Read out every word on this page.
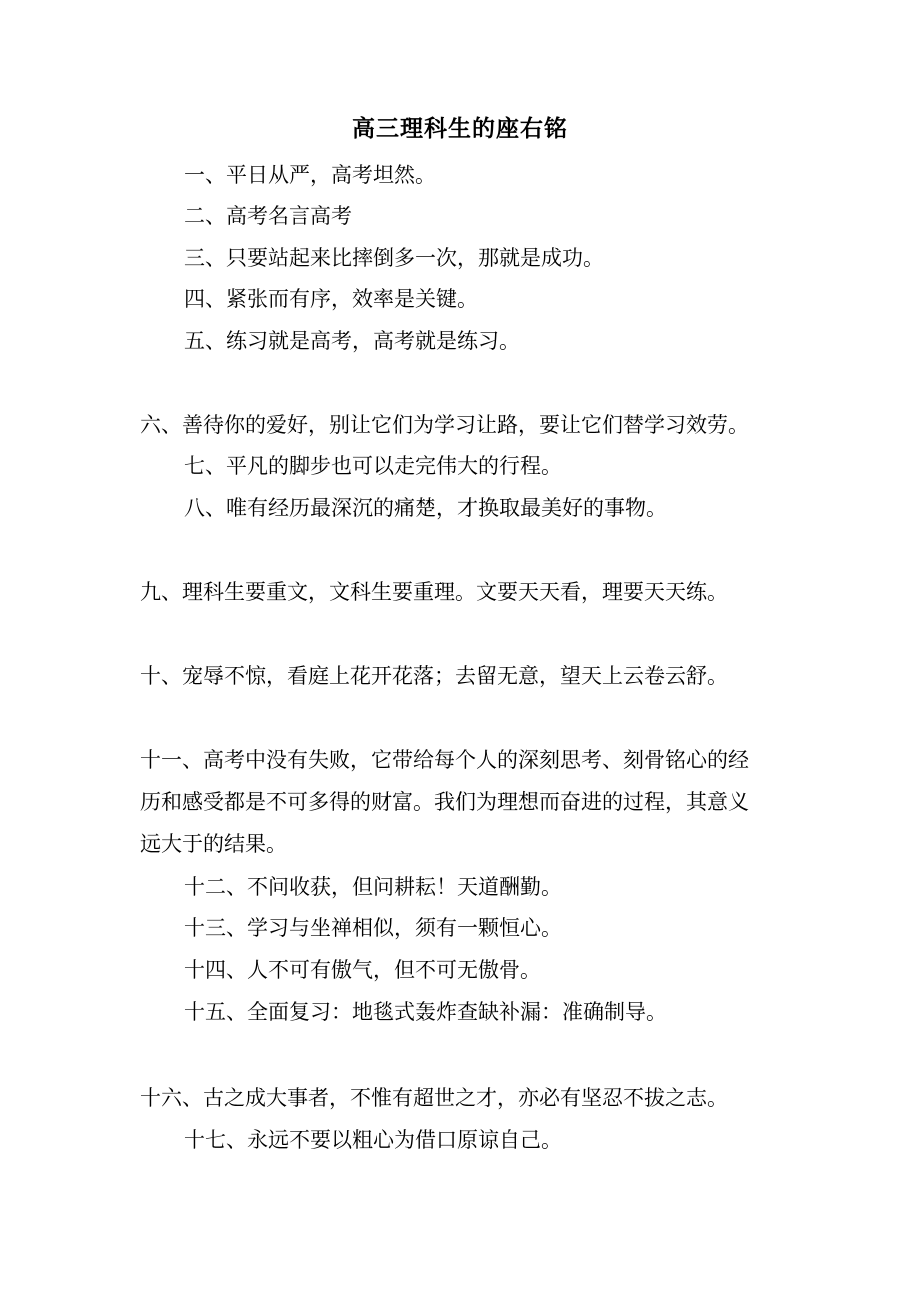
高三理科生的座右铭
一、平日从严，高考坦然。
二、高考名言高考
三、只要站起来比摔倒多一次，那就是成功。
四、紧张而有序，效率是关键。
五、练习就是高考，高考就是练习。
六、善待你的爱好，别让它们为学习让路，要让它们替学习效劳。
七、平凡的脚步也可以走完伟大的行程。
八、唯有经历最深沉的痛楚，才换取最美好的事物。
九、理科生要重文，文科生要重理。文要天天看，理要天天练。
十、宠辱不惊，看庭上花开花落；去留无意，望天上云卷云舒。
十一、高考中没有失败，它带给每个人的深刻思考、刻骨铭心的经
历和感受都是不可多得的财富。我们为理想而奋进的过程，其意义
远大于的结果。
十二、不问收获，但问耕耘！天道酬勤。
十三、学习与坐禅相似，须有一颗恒心。
十四、人不可有傲气，但不可无傲骨。
十五、全面复习：地毯式轰炸查缺补漏：准确制导。
十六、古之成大事者，不惟有超世之才，亦必有坚忍不拔之志。
十七、永远不要以粗心为借口原谅自己。
